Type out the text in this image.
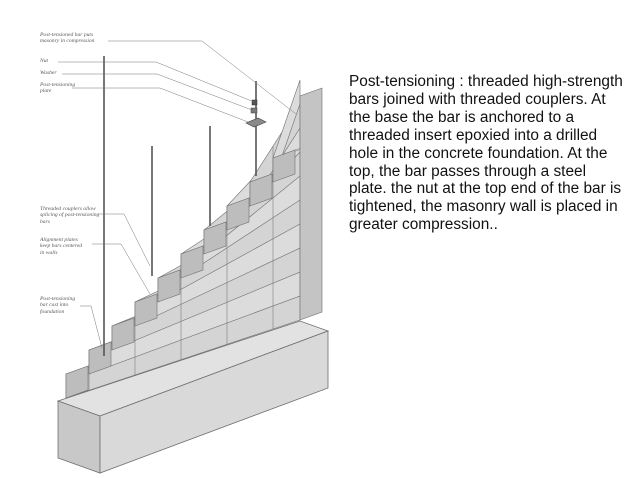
Post-tensioned bar puts
masonry in compression

Nut

Washer

Post-tensioning
plate

Threaded couplers allow
splicing of post-tensioning
bars

Alignment plates
keep bars centered
in walls

Post-tensioning
bar cast into
foundation

Post-tensioning : threaded high-strength bars joined with threaded couplers. At the base the bar is anchored to a threaded insert epoxied into a drilled hole in the concrete foundation. At the top, the bar passes through a steel plate. the nut at the top end of the bar is tightened, the masonry wall is placed in greater compression..
